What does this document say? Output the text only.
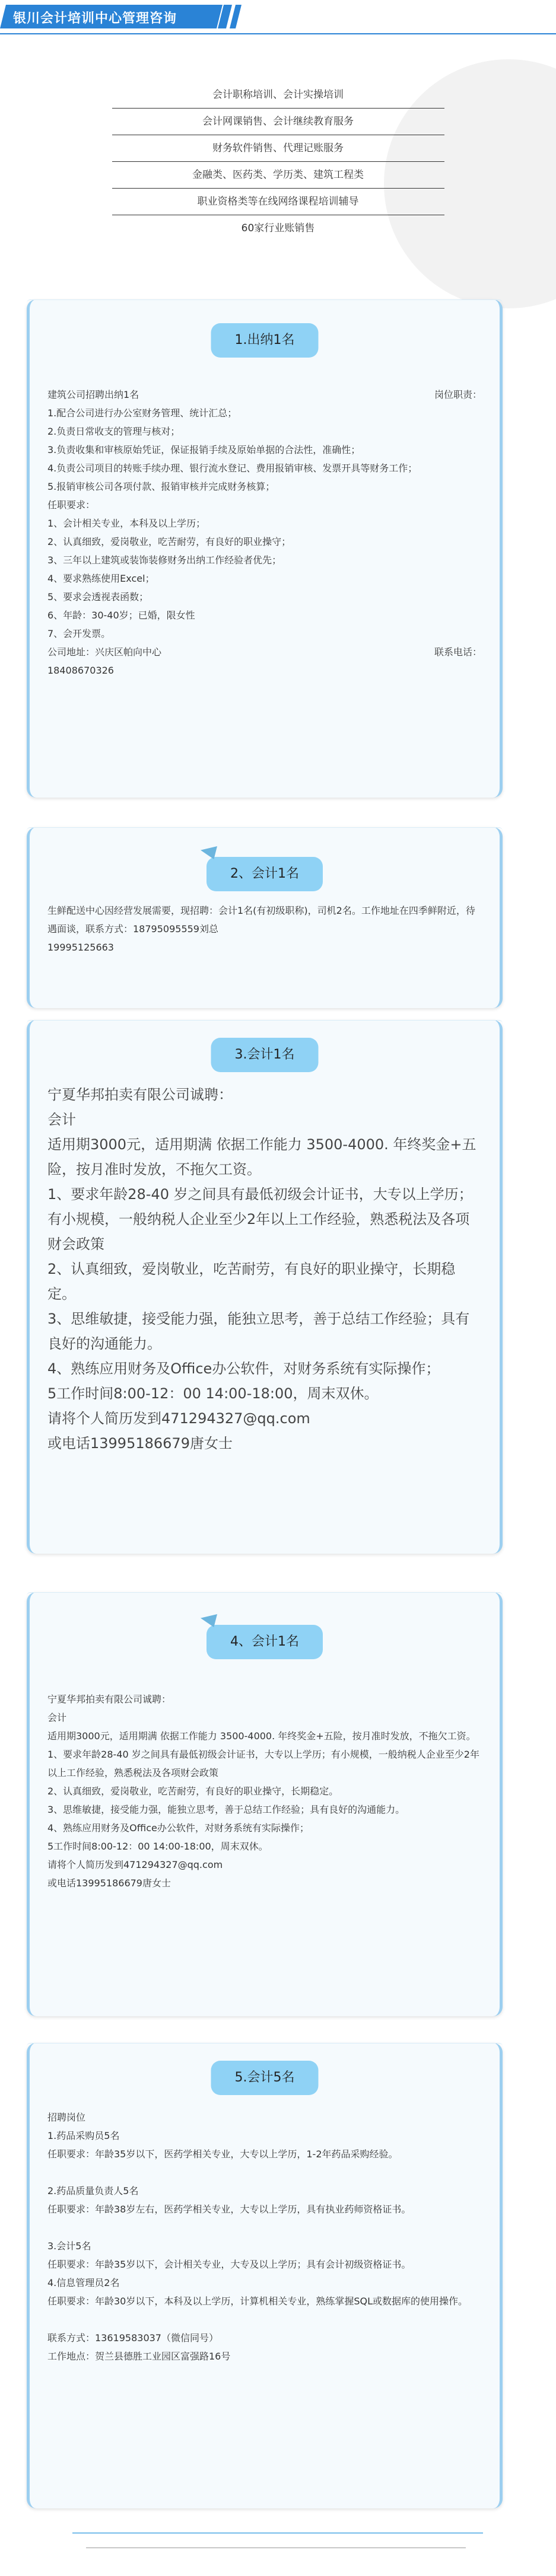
银川会计培训中心管理咨询
会计职称培训、会计实操培训
会计网课销售、会计继续教育服务
财务软件销售、代理记账服务
金融类、医药类、学历类、建筑工程类
职业资格类等在线网络课程培训辅导
60家行业账销售
1.出纳1名
建筑公司招聘出纳1名	岗位职责：

1.配合公司进行办公室财务管理、统计汇总；

2.负责日常收支的管理与核对；

3.负责收集和审核原始凭证，保证报销手续及原始单据的合法性，准确性；

4.负责公司项目的转账手续办理、银行流水登记、费用报销审核、发票开具等财务工作；

5.报销审核公司各项付款、报销审核并完成财务核算；

任职要求：

1、会计相关专业，本科及以上学历；

2、认真细致，爱岗敬业，吃苦耐劳，有良好的职业操守；

3、三年以上建筑或装饰装修财务出纳工作经验者优先；

4、要求熟练使用Excel；

5、要求会透视表函数；

6、年龄：30-40岁；已婚，限女性

7、会开发票。

公司地址：兴庆区帕向中心	联系电话：

18408670326

2、会计1名

生鲜配送中心因经营发展需要，现招聘：会计1名(有初级职称)，司机2名。工作地址在四季鲜附近，待遇面谈，联系方式：18795095559刘总

19995125663

3.会计1名

宁夏华邦拍卖有限公司诚聘：

会计

适用期3000元，适用期满 依据工作能力 3500-4000. 年终奖金+五险，按月准时发放，不拖欠工资。

1、要求年龄28-40 岁之间具有最低初级会计证书，大专以上学历；有小规模，一般纳税人企业至少2年以上工作经验，熟悉税法及各项财会政策

2、认真细致，爱岗敬业，吃苦耐劳，有良好的职业操守，长期稳定。

3、思维敏捷，接受能力强，能独立思考，善于总结工作经验；具有良好的沟通能力。

4、熟练应用财务及Office办公软件，对财务系统有实际操作；

5工作时间8:00-12：00 14:00-18:00，周末双休。

请将个人简历发到471294327@qq.com

或电话13995186679唐女士

4、会计1名

宁夏华邦拍卖有限公司诚聘：

会计

适用期3000元，适用期满 依据工作能力 3500-4000. 年终奖金+五险，按月准时发放，不拖欠工资。

1、要求年龄28-40 岁之间具有最低初级会计证书，大专以上学历；有小规模，一般纳税人企业至少2年以上工作经验，熟悉税法及各项财会政策

2、认真细致，爱岗敬业，吃苦耐劳，有良好的职业操守，长期稳定。

3、思维敏捷，接受能力强，能独立思考，善于总结工作经验；具有良好的沟通能力。

4、熟练应用财务及Office办公软件，对财务系统有实际操作；

5工作时间8:00-12：00 14:00-18:00，周末双休。

请将个人简历发到471294327@qq.com

或电话13995186679唐女士

5.会计5名

招聘岗位

1.药品采购员5名

任职要求：年龄35岁以下，医药学相关专业，大专以上学历，1-2年药品采购经验。

2.药品质量负责人5名

任职要求：年龄38岁左右，医药学相关专业，大专以上学历，具有执业药师资格证书。

3.会计5名

任职要求：年龄35岁以下，会计相关专业，大专及以上学历；具有会计初级资格证书。

4.信息管理员2名

任职要求：年龄30岁以下，本科及以上学历，计算机相关专业，熟练掌握SQL或数据库的使用操作。

联系方式：13619583037（微信同号）

工作地点：贺兰县德胜工业园区富强路16号
